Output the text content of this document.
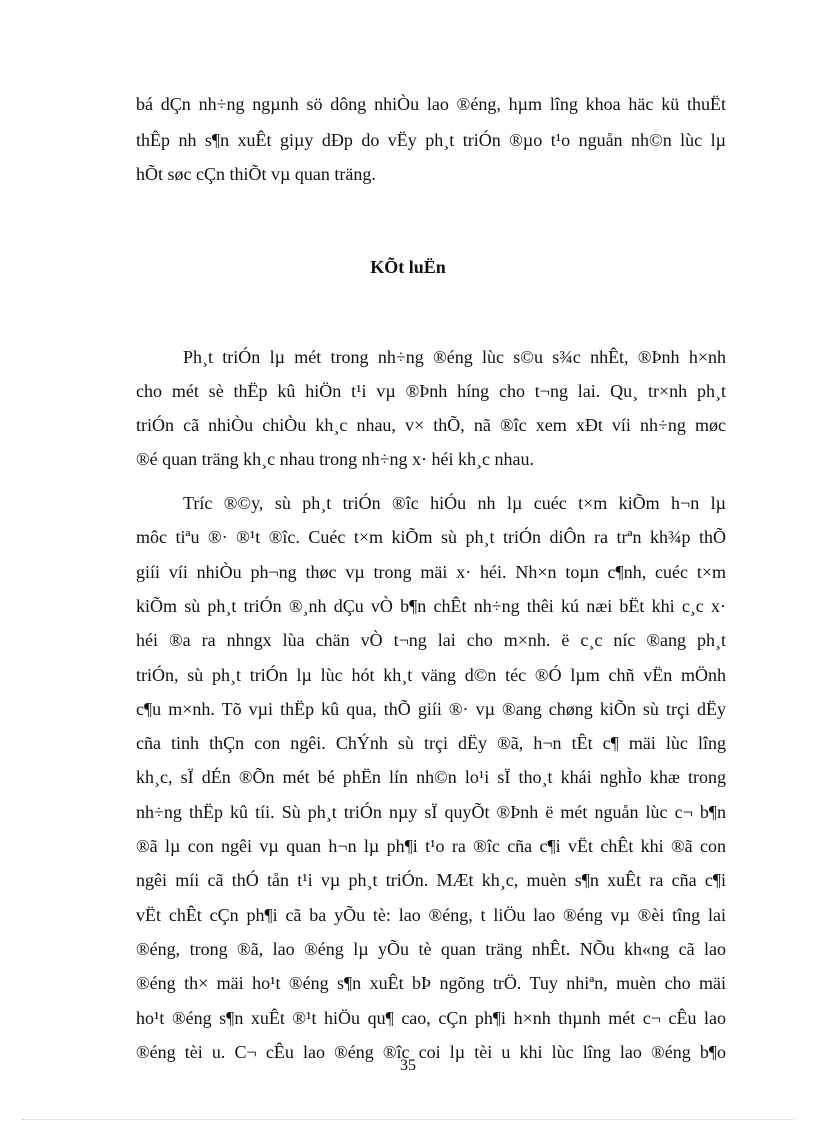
bá dÇn nh÷ng ngµnh sö dông nhiÒu lao ®éng, hµm lîng khoa häc kü thuËt
thÊp nh s¶n xuÊt giµy dÐp do vËy ph¸t triÓn ®µo t¹o nguån nh©n lùc lµ
hÕt søc cÇn thiÕt vµ quan träng.
KÕt luËn
Ph¸t triÓn lµ mét trong nh÷ng ®éng lùc s©u s¾c nhÊt, ®Þnh h×nh
cho mét sè thËp kû hiÖn t¹i vµ ®Þnh híng cho t¬ng lai. Qu¸ tr×nh ph¸t
triÓn cã nhiÒu chiÒu kh¸c nhau, v× thÕ, nã ®îc xem xÐt víi nh÷ng møc
®é quan träng kh¸c nhau trong nh÷ng x· héi kh¸c nhau.
Tríc ®©y, sù ph¸t triÓn ®îc hiÓu nh lµ cuéc t×m kiÕm h¬n lµ
môc tiªu ®· ®¹t ®îc. Cuéc t×m kiÕm sù ph¸t triÓn diÔn ra trªn kh¾p thÕ
giíi víi nhiÒu ph¬ng thøc vµ trong mäi x· héi. Nh×n toµn c¶nh, cuéc t×m
kiÕm sù ph¸t triÓn ®¸nh dÇu vÒ b¶n chÊt nh÷ng thêi kú næi bËt khi c¸c x·
héi ®a ra nhngx lùa chän vÒ t¬ng lai cho m×nh. ë c¸c níc ®ang ph¸t
triÓn, sù ph¸t triÓn lµ lùc hót kh¸t väng d©n téc ®Ó lµm chñ vËn mÖnh
c¶u m×nh. Tõ vµi thËp kû qua, thÕ giíi ®· vµ ®ang chøng kiÕn sù trçi dËy
cña tinh thÇn con ngêi. ChÝnh sù trçi dËy ®ã, h¬n tÊt c¶ mäi lùc lîng
kh¸c, sÏ dÉn ®Õn mét bé phËn lín nh©n lo¹i sÏ tho¸t khái nghÌo khæ trong
nh÷ng thËp kû tíi. Sù ph¸t triÓn nµy sÏ quyÕt ®Þnh ë mét nguån lùc c¬ b¶n
®ã lµ con ngêi vµ quan h¬n lµ ph¶i t¹o ra ®îc cña c¶i vËt chÊt khi ®ã con
ngêi míi cã thÓ tån t¹i vµ ph¸t triÓn. MÆt kh¸c, muèn s¶n xuÊt ra cña c¶i
vËt chÊt cÇn ph¶i cã ba yÕu tè: lao ®éng, t liÖu lao ®éng vµ ®èi tîng lai
®éng, trong ®ã, lao ®éng lµ yÕu tè quan träng nhÊt. NÕu kh«ng cã lao
®éng th× mäi ho¹t ®éng s¶n xuÊt bÞ ngõng trÖ. Tuy nhiªn, muèn cho mäi
ho¹t ®éng s¶n xuÊt ®¹t hiÖu qu¶ cao, cÇn ph¶i h×nh thµnh mét c¬ cÊu lao
35
®éng tèi u. C¬ cÊu lao ®éng ®îc coi lµ tèi u khi lùc lîng lao ®éng b¶o
